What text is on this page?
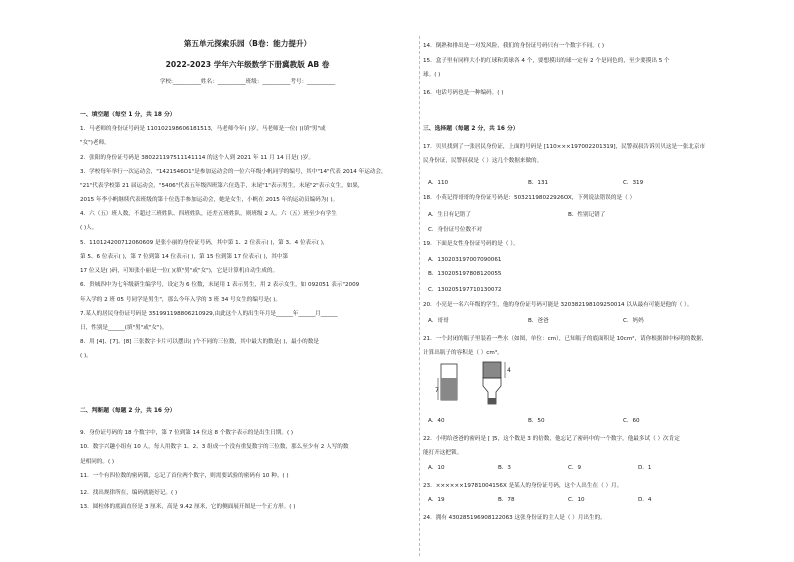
第五单元探索乐园（B卷：能力提升）
2022-2023 学年六年级数学下册冀教版 AB 卷
学校:__________姓名：__________班级：__________考号：__________
一、填空题（每空 1 分，共 18 分）
1．马老师的身份证号码是 110102198606181513，马老师今年( )岁，马老师是一位( )(填"男"或
"女")老师。
2．张阳的身份证号码是 380221197511141114 的这个人到 2021 年 11 月 14 日是( )岁。
3．学校每年举行一次运动会，"1421546O1"是参加运动会的一位六年级小帆同学的编号，其中"14"代表 2014 年运动会，
"21"代表学校第 21 届运动会，"5406"代表五年级四班第六位选手，末尾"1"表示男生，末尾"2"表示女生，如果，
2015 年李小帆继续代表班级的第十位选手参加运动会，她是女生，小帆在 2015 年的运动员编码为( )。
4．六（五）班人数，不超过三班姓队、四班姓队，还差五班姓队，则班级 2 人。六（五）班至少有学生
( )人。
5．110124200712060609 是张小丽的身份证号码，其中第 1、2 位表示( )，第 3、4 位表示( )，
第 5、6 位表示( )，第 7 位到第 14 位表示( )，第 15 位到第 17 位表示( )，其中第
17 位又是( )码，可知张小丽是一位( )(填"男"或"女")，它是计算机自动生成的。
6．贵城四中为七年级新生编学号，设定为 6 位数，末尾用 1 表示男生，用 2 表示女生，如 092051 表示"2009
年入学的 2 班 05 号同学是男生"，那么今年入学的 3 班 34 号女生的编号是( )。
7.某人的居民身份证号码是 351991198806210929,由此这个人的出生年月是______年______月______
日，性别是______(填"男"或"女")。
8．用 [4]、[7]、[8] 三张数字卡片可以摆出( )个不同的三位数，其中最大的数是( )，最小的数是
( )。
二、判断题（每题 2 分，共 16 分）
9．身份证号码的 18 个数字中，第 7 位到第 14 位这 8 个数字表示的是出生日期。( )
10．数字兴趣小组有 10 人，每人用数字 1、2、3 组成一个没有重复数字的三位数，那么至少有 2 人写的数
是相同的。( )
11．一个有四位数的密码锁，忘记了首位两个数字，则需要试验的密码有 10 种。( )
12．找出规律所在，编码就能好记。( )
13．圆柱体的底面直径是 3 厘米，高是 9.42 厘米，它的侧面展开图是一个正方形。( )
7
4
14．倒熟和排出是一对发风险，我们的身份证号码只有一个数字不同。( )
15．盒子里有同样大小的红球和黄球各 4 个，要想摸出的球一定有 2 个是同色的，至少要摸出 5 个
球。( )
16．电话号码也是一种编码。( )
三、选择题（每题 2 分，共 16 分）
17．贝贝找到了一张居民身份证，上面的号码是 [110×××197002201319]，民警叔叔告诉贝贝这是一张北京市
民身份证，民警叔叔是（ ）这几个数据来做的。
18．小英记得哥哥的身份证号码是：50321198022926OX，下列说法错误的是（ ）
19．下面是女性身份证号码的是（ ）。
20．小亮是一名六年级的学生，他的身份证号码可能是 320382198109250014 以从最有可能是他的（ ）。
21．一个封闭的瓶子里装着一些水（如图，单位：cm），已知瓶子的底面积是 10cm²，请你根据图中标明的数据，
计算出瓶子的容积是（ ）cm³。
22．小明给爸爸的密码是 [ ]5，这个数是 3 的倍数，他忘记了密码中的一个数字，他最多试（ ）次肯定
能打开这把锁。
23．××××××19781004156X 是某人的身份证号码，这个人出生在（ ）月。
24．拥有 430285196908122063 这张身份证的主人是（ ）月出生的。
A．110	B．131	C．319
A．生日有记错了	B．性别记错了
C．身份证号位数不对
A．130203197007090061
B．130205197808120055
C．130205197710130072
A．哥哥	B．爸爸	C．妈妈
A．40	B．50	C．60
A．10	B．3	C．9	D．1
A．19	B．78	C．10	D．4
